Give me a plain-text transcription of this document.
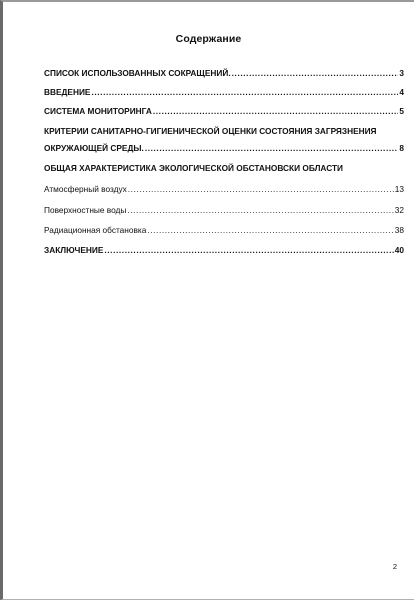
Содержание
СПИСОК ИСПОЛЬЗОВАННЫХ СОКРАЩЕНИЙ. .....	3
ВВЕДЕНИЕ .....	4
СИСТЕМА МОНИТОРИНГА .....	5
КРИТЕРИИ САНИТАРНО-ГИГИЕНИЧЕСКОЙ ОЦЕНКИ СОСТОЯНИЯ ЗАГРЯЗНЕНИЯ
ОКРУЖАЮЩЕЙ СРЕДЫ. .....	8
ОБЩАЯ ХАРАКТЕРИСТИКА ЭКОЛОГИЧЕСКОЙ ОБСТАНОВСКИ ОБЛАСТИ
Атмосферный воздух .....	13
Поверхностные воды .....	32
Радиационная обстановка .....	38
ЗАКЛЮЧЕНИЕ .....	40
2
